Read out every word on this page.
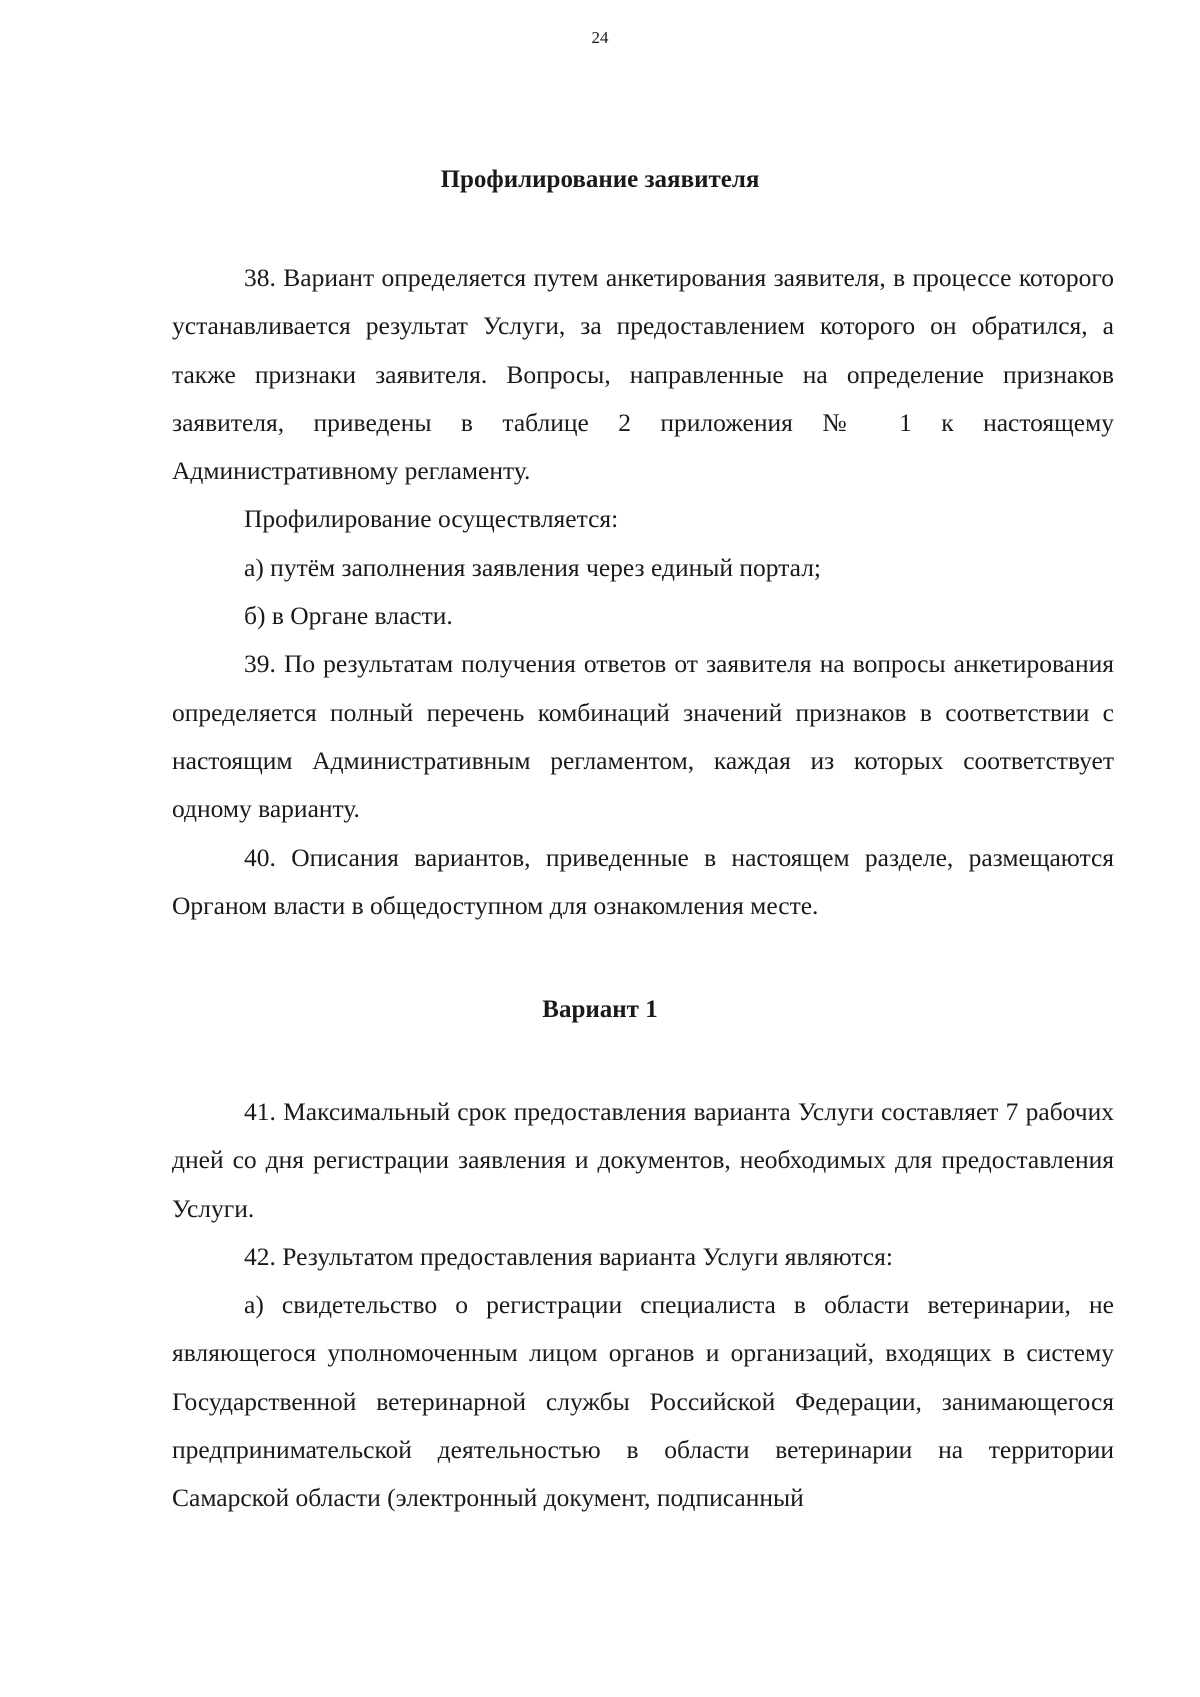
24
Профилирование заявителя

38. Вариант определяется путем анкетирования заявителя, в процессе которого устанавливается результат Услуги, за предоставлением которого он обратился, а также признаки заявителя. Вопросы, направленные на определение признаков заявителя, приведены в таблице 2 приложения № 1 к настоящему Административному регламенту.

Профилирование осуществляется:

а) путём заполнения заявления через единый портал;

б) в Органе власти.

39. По результатам получения ответов от заявителя на вопросы анкетирования определяется полный перечень комбинаций значений признаков в соответствии с настоящим Административным регламентом, каждая из которых соответствует одному варианту.

40. Описания вариантов, приведенные в настоящем разделе, размещаются Органом власти в общедоступном для ознакомления месте.

Вариант 1

41. Максимальный срок предоставления варианта Услуги составляет 7 рабочих дней со дня регистрации заявления и документов, необходимых для предоставления Услуги.

42. Результатом предоставления варианта Услуги являются:

а) свидетельство о регистрации специалиста в области ветеринарии, не являющегося уполномоченным лицом органов и организаций, входящих в систему Государственной ветеринарной службы Российской Федерации, занимающегося предпринимательской деятельностью в области ветеринарии на территории Самарской области (электронный документ, подписанный
